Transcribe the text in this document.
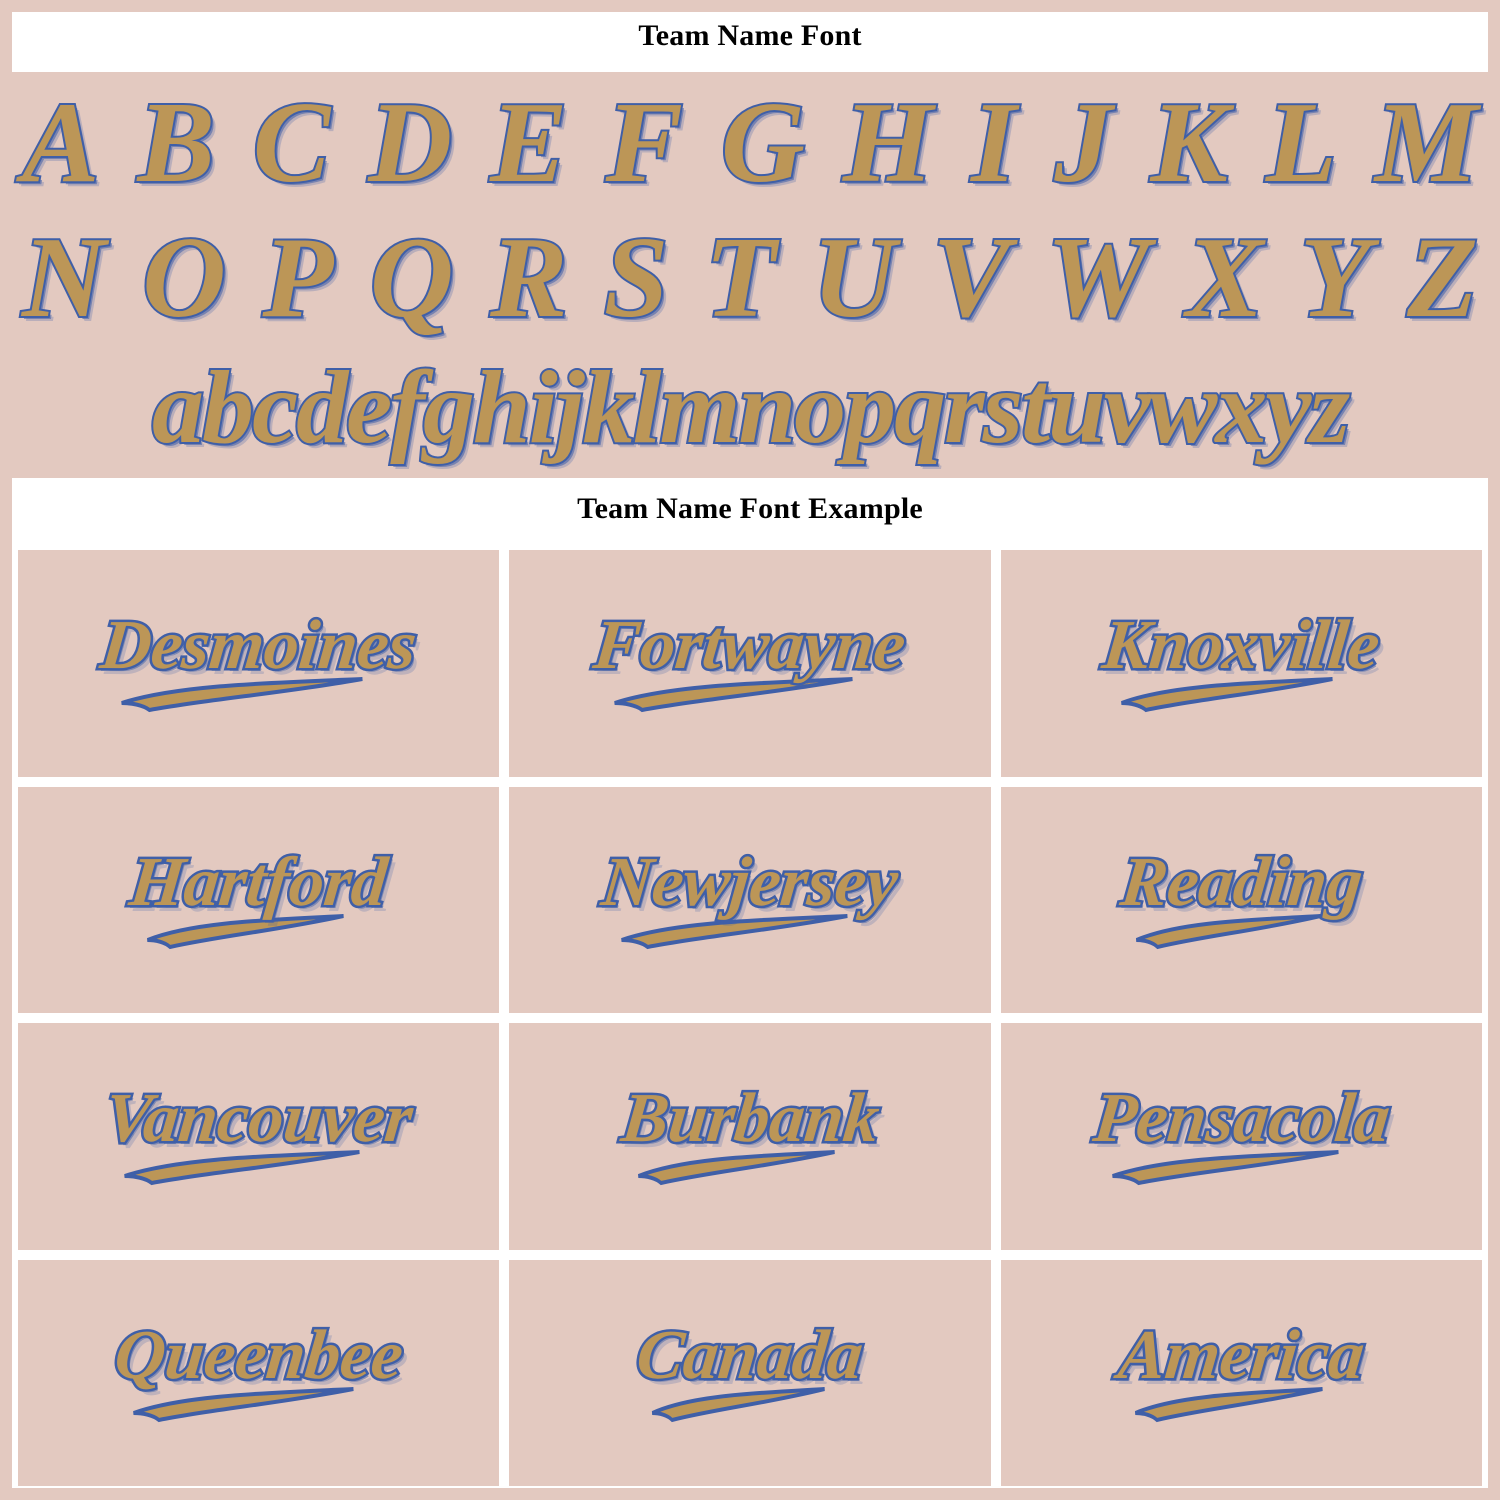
Team Name Font
A B C D E F G H I J K L M
N O P Q R S T U V W X Y Z
abcdefghijklmnopqrstuvwxyz
Team Name Font Example
Desmoines Fortwayne	Knoxville
Hartford	Newjersey	Reading
Vancouver	Burbank	Pensacola
Queenbee	Canada	America
